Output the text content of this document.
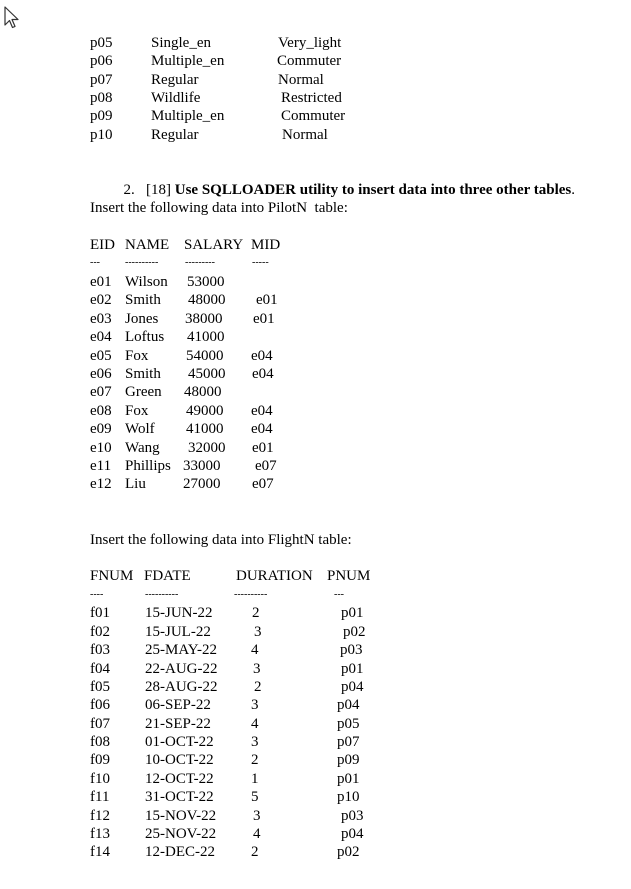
p05	Single_en	Very_light
p06	Multiple_en	Commuter
p07	Regular	Normal
p08	Wildlife	Restricted
p09	Multiple_en	Commuter
p10	Regular	Normal

2. [18] Use SQLLOADER utility to insert data into three other tables.

Insert the following data into PilotN  table:
EID NAME SALARY MID
---	----------	---------	-----
e01 Wilson 53000
e02 Smith 48000 e01
e03 Jones 38000 e01
e04 Loftus 41000
e05 Fox	54000 e04
e06 Smith 45000 e04
e07 Green 48000
e08 Fox	49000 e04
e09 Wolf 41000 e04
e10 Wang 32000 e01
e11 Phillips 33000 e07
e12 Liu 27000 e07
Insert the following data into FlightN table:
FNUM FDATE	DURATION PNUM
----	----------	----------	---
f01 15-JUN-22	2	p01
f02 15-JUL-22	3	p02
f03 25-MAY-22 4	p03
f04 22-AUG-22 3	p01
f05 28-AUG-22 2	p04
f06 06-SEP-22	3	p04
f07 21-SEP-22	4	p05
f08 01-OCT-22 3	p07
f09 10-OCT-22 2	p09
f10 12-OCT-22 1	p01
f11 31-OCT-22 5	p10
f12 15-NOV-22 3	p03
f13 25-NOV-22 4	p04
f14 12-DEC-22 2	p02
